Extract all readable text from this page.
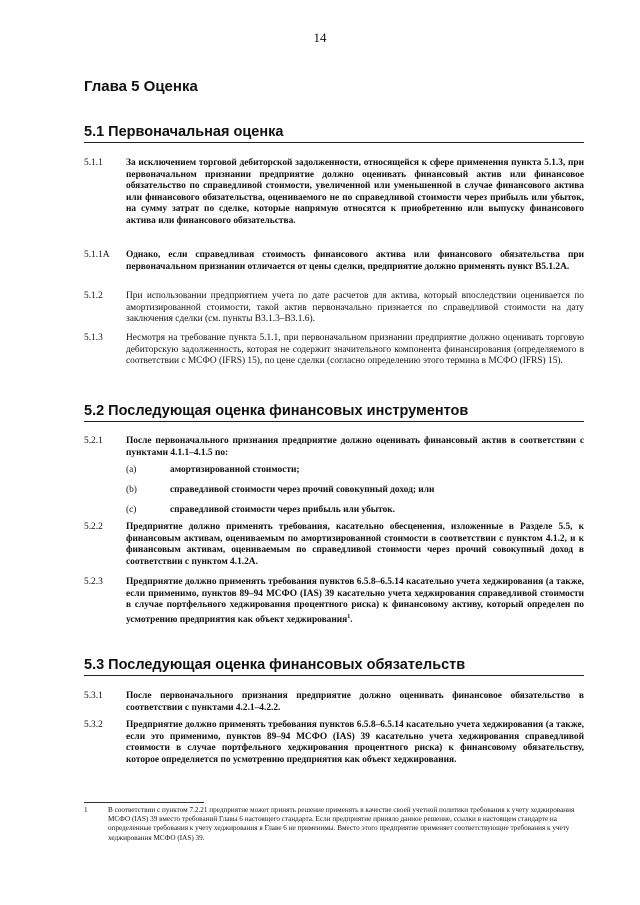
14
Глава 5 Оценка
5.1 Первоначальная оценка
5.1.1	За исключением торговой дебиторской задолженности, относящейся к сфере применения пункта 5.1.3, при первоначальном признании предприятие должно оценивать финансовый актив или финансовое обязательство по справедливой стоимости, увеличенной или уменьшенной в случае финансового актива или финансового обязательства, оцениваемого не по справедливой стоимости через прибыль или убыток, на сумму затрат по сделке, которые напрямую относятся к приобретению или выпуску финансового актива или финансового обязательства.
5.1.1A	Однако, если справедливая стоимость финансового актива или финансового обязательства при первоначальном признании отличается от цены сделки, предприятие должно применять пункт B5.1.2A.
5.1.2	При использовании предприятием учета по дате расчетов для актива, который впоследствии оценивается по амортизированной стоимости, такой актив первоначально признается по справедливой стоимости на дату заключения сделки (см. пункты B3.1.3–B3.1.6).
5.1.3	Несмотря на требование пункта 5.1.1, при первоначальном признании предприятие должно оценивать торговую дебиторскую задолженность, которая не содержит значительного компонента финансирования (определяемого в соответствии с МСФО (IFRS) 15), по цене сделки (согласно определению этого термина в МСФО (IFRS) 15).
5.2 Последующая оценка финансовых инструментов
5.2.1	После первоначального признания предприятие должно оценивать финансовый актив в соответствии с пунктами 4.1.1–4.1.5 по:
(a)	амортизированной стоимости;
(b)	справедливой стоимости через прочий совокупный доход; или
(c)	справедливой стоимости через прибыль или убыток.
5.2.2	Предприятие должно применять требования, касательно обесценения, изложенные в Разделе 5.5, к финансовым активам, оцениваемым по амортизированной стоимости в соответствии с пунктом 4.1.2, и к финансовым активам, оцениваемым по справедливой стоимости через прочий совокупный доход в соответствии с пунктом 4.1.2A.
5.2.3	Предприятие должно применять требования пунктов 6.5.8–6.5.14 касательно учета хеджирования (а также, если применимо, пунктов 89–94 МСФО (IAS) 39 касательно учета хеджирования справедливой стоимости в случае портфельного хеджирования процентного риска) к финансовому активу, который определен по усмотрению предприятия как объект хеджирования$^1$.
5.3 Последующая оценка финансовых обязательств
5.3.1	После первоначального признания предприятие должно оценивать финансовое обязательство в соответствии с пунктами 4.2.1–4.2.2.
5.3.2	Предприятие должно применять требования пунктов 6.5.8–6.5.14 касательно учета хеджирования (а также, если это применимо, пунктов 89–94 МСФО (IAS) 39 касательно учета хеджирования справедливой стоимости в случае портфельного хеджирования процентного риска) к финансовому обязательству, которое определяется по усмотрению предприятия как объект хеджирования.
1	В соответствии с пунктом 7.2.21 предприятие может принять решение применять в качестве своей учетной политики требования к учету хеджирования МСФО (IAS) 39 вместо требований Главы 6 настоящего стандарта. Если предприятие приняло данное решение, ссылки в настоящем стандарте на определенные требования к учету хеджирования в Главе 6 не применимы. Вместо этого предприятие применяет соответствующие требования к учету хеджирования МСФО (IAS) 39.
